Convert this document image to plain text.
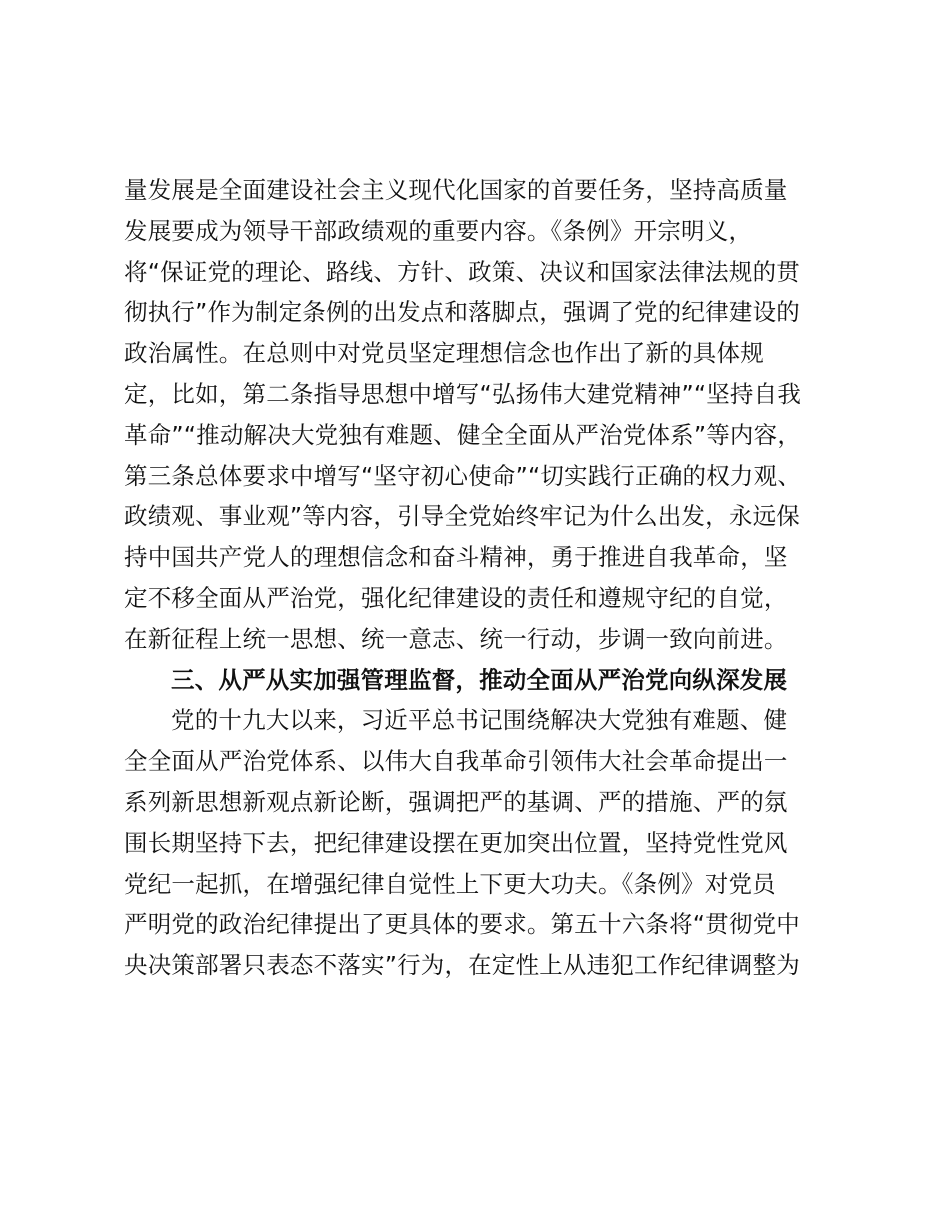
量发展是全面建设社会主义现代化国家的首要任务，坚持高质量
发展要成为领导干部政绩观的重要内容。《条例》开宗明义，
将“保证党的理论、路线、方针、政策、决议和国家法律法规的贯
彻执行”作为制定条例的出发点和落脚点，强调了党的纪律建设的
政治属性。在总则中对党员坚定理想信念也作出了新的具体规
定，比如，第二条指导思想中增写“弘扬伟大建党精神”“坚持自我
革命”“推动解决大党独有难题、健全全面从严治党体系”等内容，
第三条总体要求中增写“坚守初心使命”“切实践行正确的权力观、
政绩观、事业观”等内容，引导全党始终牢记为什么出发，永远保
持中国共产党人的理想信念和奋斗精神，勇于推进自我革命，坚
定不移全面从严治党，强化纪律建设的责任和遵规守纪的自觉，
在新征程上统一思想、统一意志、统一行动，步调一致向前进。
三、从严从实加强管理监督，推动全面从严治党向纵深发展
党的十九大以来，习近平总书记围绕解决大党独有难题、健
全全面从严治党体系、以伟大自我革命引领伟大社会革命提出一
系列新思想新观点新论断，强调把严的基调、严的措施、严的氛
围长期坚持下去，把纪律建设摆在更加突出位置，坚持党性党风
党纪一起抓，在增强纪律自觉性上下更大功夫。《条例》对党员
严明党的政治纪律提出了更具体的要求。第五十六条将“贯彻党中
央决策部署只表态不落实”行为，在定性上从违犯工作纪律调整为
